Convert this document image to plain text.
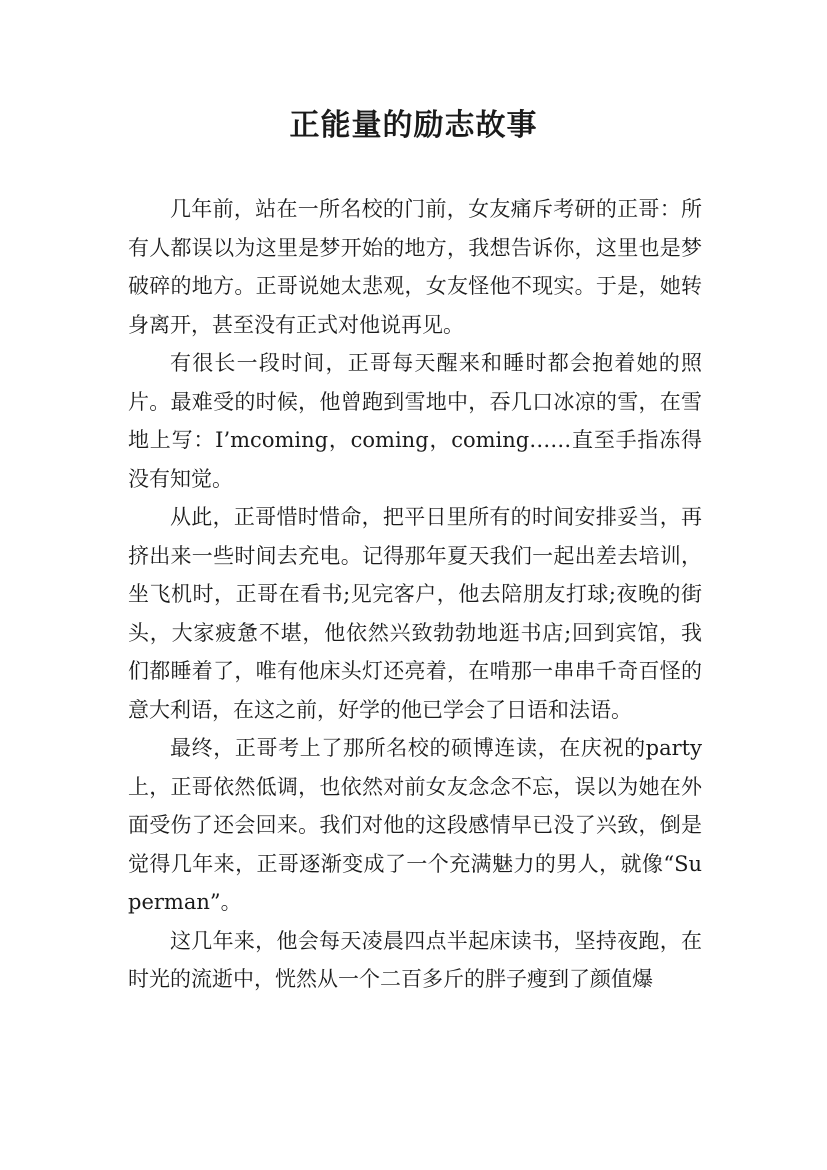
正能量的励志故事

几年前，站在一所名校的门前，女友痛斥考研的正哥：所有人都误以为这里是梦开始的地方，我想告诉你，这里也是梦破碎的地方。正哥说她太悲观，女友怪他不现实。于是，她转身离开，甚至没有正式对他说再见。

有很长一段时间，正哥每天醒来和睡时都会抱着她的照片。最难受的时候，他曾跑到雪地中，吞几口冰凉的雪，在雪地上写：I’mcoming，coming，coming……直至手指冻得没有知觉。

从此，正哥惜时惜命，把平日里所有的时间安排妥当，再挤出来一些时间去充电。记得那年夏天我们一起出差去培训，坐飞机时，正哥在看书;见完客户，他去陪朋友打球;夜晚的街头，大家疲惫不堪，他依然兴致勃勃地逛书店;回到宾馆，我们都睡着了，唯有他床头灯还亮着，在啃那一串串千奇百怪的意大利语，在这之前，好学的他已学会了日语和法语。

最终，正哥考上了那所名校的硕博连读，在庆祝的party上，正哥依然低调，也依然对前女友念念不忘，误以为她在外面受伤了还会回来。我们对他的这段感情早已没了兴致，倒是觉得几年来，正哥逐渐变成了一个充满魅力的男人，就像“Superman”。

这几年来，他会每天凌晨四点半起床读书，坚持夜跑，在时光的流逝中，恍然从一个二百多斤的胖子瘦到了颜值爆
